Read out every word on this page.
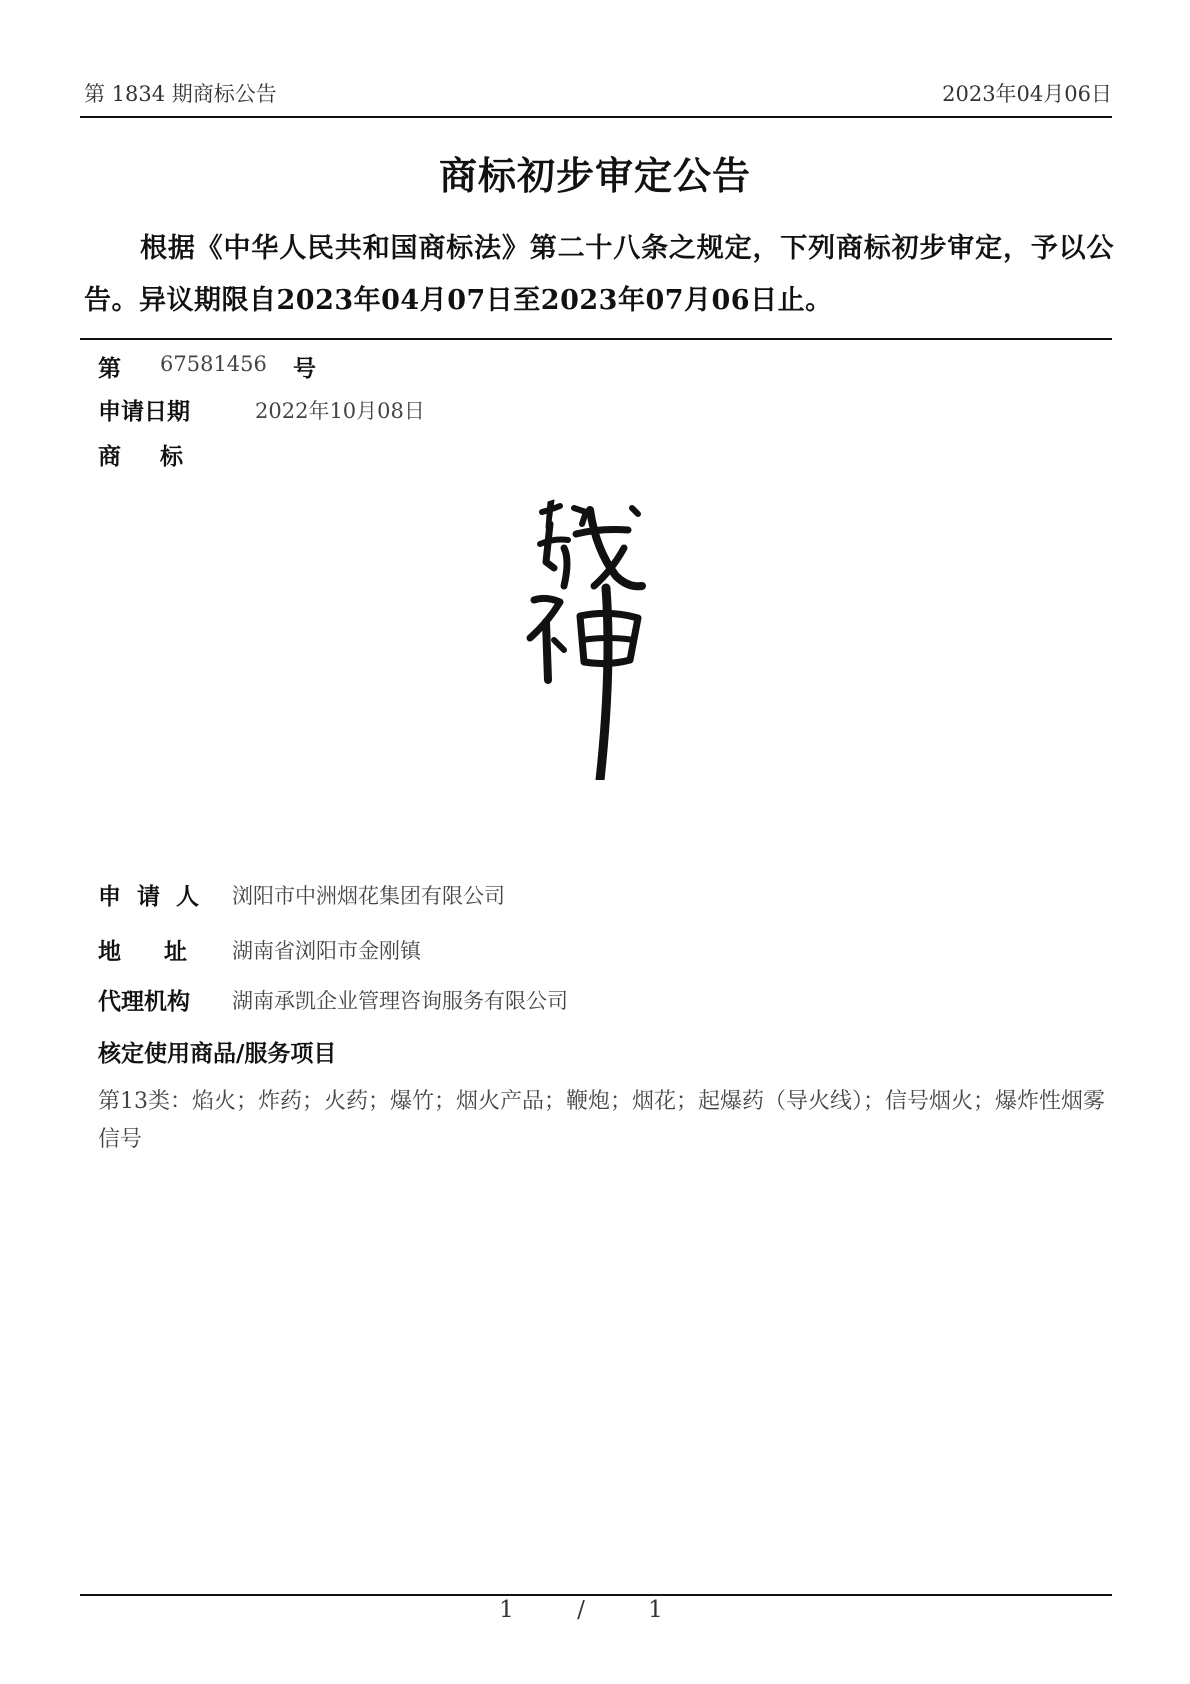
第 1834 期商标公告	2023年04月06日
商标初步审定公告
根据《中华人民共和国商标法》第二十八条之规定，下列商标初步审定，予以公告。异议期限自2023年04月07日至2023年07月06日止。
第 67581456 号
申请日期	2022年10月08日
商　标
申 请 人 浏阳市中洲烟花集团有限公司
地　址 湖南省浏阳市金刚镇
代理机构 湖南承凯企业管理咨询服务有限公司
核定使用商品/服务项目
第13类：焰火；炸药；火药；爆竹；烟火产品；鞭炮；烟花；起爆药（导火线）；信号烟火；爆炸性烟雾信号
1 / 1
